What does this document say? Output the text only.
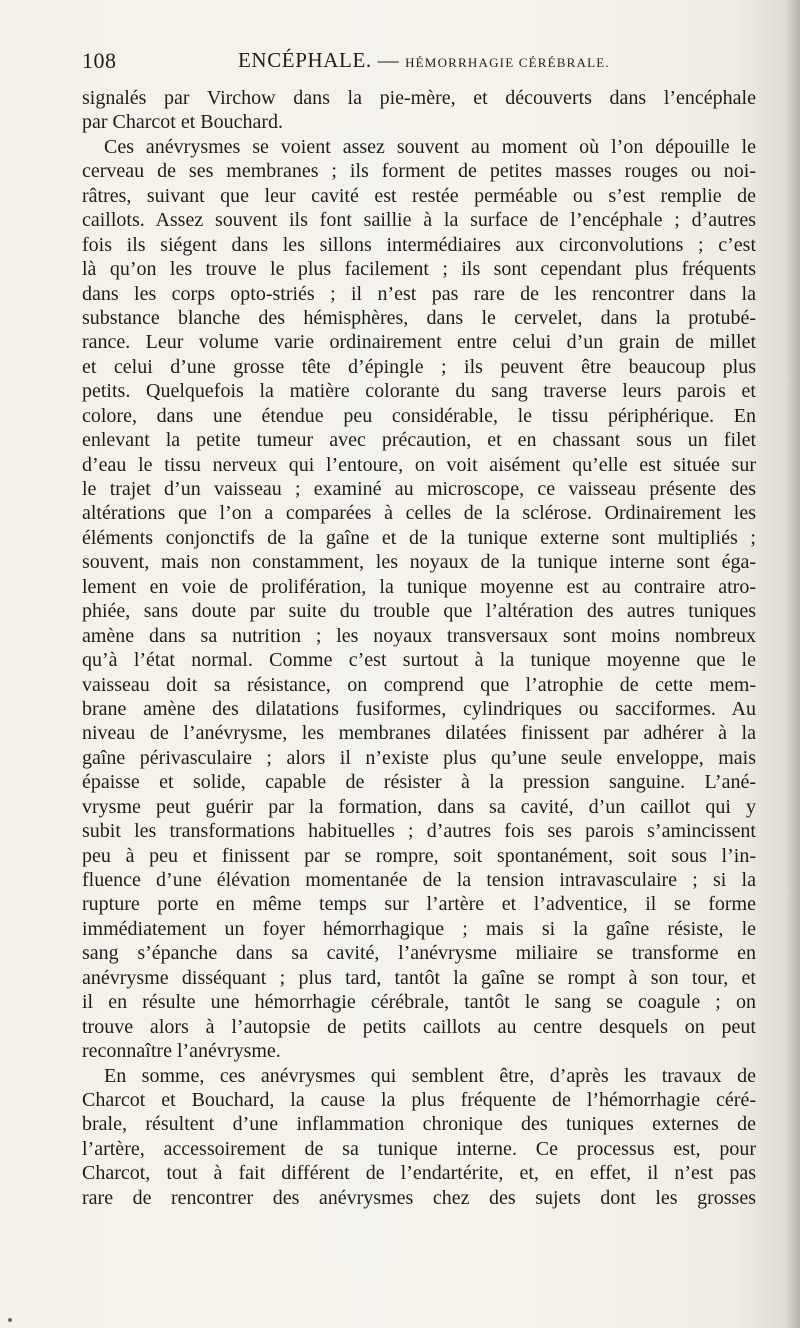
108	ENCÉPHALE. — HÉMORRHAGIE CÉRÉBRALE.
signalés par Virchow dans la pie-mère, et découverts dans l’encéphale
par Charcot et Bouchard.
Ces anévrysmes se voient assez souvent au moment où l’on dépouille le
cerveau de ses membranes ; ils forment de petites masses rouges ou noi-
râtres, suivant que leur cavité est restée perméable ou s’est remplie de
caillots. Assez souvent ils font saillie à la surface de l’encéphale ; d’autres
fois ils siégent dans les sillons intermédiaires aux circonvolutions ; c’est
là qu’on les trouve le plus facilement ; ils sont cependant plus fréquents
dans les corps opto-striés ; il n’est pas rare de les rencontrer dans la
substance blanche des hémisphères, dans le cervelet, dans la protubé-
rance. Leur volume varie ordinairement entre celui d’un grain de millet
et celui d’une grosse tête d’épingle ; ils peuvent être beaucoup plus
petits. Quelquefois la matière colorante du sang traverse leurs parois et
colore, dans une étendue peu considérable, le tissu périphérique. En
enlevant la petite tumeur avec précaution, et en chassant sous un filet
d’eau le tissu nerveux qui l’entoure, on voit aisément qu’elle est située sur
le trajet d’un vaisseau ; examiné au microscope, ce vaisseau présente des
altérations que l’on a comparées à celles de la sclérose. Ordinairement les
éléments conjonctifs de la gaîne et de la tunique externe sont multipliés ;
souvent, mais non constamment, les noyaux de la tunique interne sont éga-
lement en voie de prolifération, la tunique moyenne est au contraire atro-
phiée, sans doute par suite du trouble que l’altération des autres tuniques
amène dans sa nutrition ; les noyaux transversaux sont moins nombreux
qu’à l’état normal. Comme c’est surtout à la tunique moyenne que le
vaisseau doit sa résistance, on comprend que l’atrophie de cette mem-
brane amène des dilatations fusiformes, cylindriques ou sacciformes. Au
niveau de l’anévrysme, les membranes dilatées finissent par adhérer à la
gaîne périvasculaire ; alors il n’existe plus qu’une seule enveloppe, mais
épaisse et solide, capable de résister à la pression sanguine. L’ané-
vrysme peut guérir par la formation, dans sa cavité, d’un caillot qui y
subit les transformations habituelles ; d’autres fois ses parois s’amincissent
peu à peu et finissent par se rompre, soit spontanément, soit sous l’in-
fluence d’une élévation momentanée de la tension intravasculaire ; si la
rupture porte en même temps sur l’artère et l’adventice, il se forme
immédiatement un foyer hémorrhagique ; mais si la gaîne résiste, le
sang s’épanche dans sa cavité, l’anévrysme miliaire se transforme en
anévrysme disséquant ; plus tard, tantôt la gaîne se rompt à son tour, et
il en résulte une hémorrhagie cérébrale, tantôt le sang se coagule ; on
trouve alors à l’autopsie de petits caillots au centre desquels on peut
reconnaître l’anévrysme.
En somme, ces anévrysmes qui semblent être, d’après les travaux de
Charcot et Bouchard, la cause la plus fréquente de l’hémorrhagie céré-
brale, résultent d’une inflammation chronique des tuniques externes de
l’artère, accessoirement de sa tunique interne. Ce processus est, pour
Charcot, tout à fait différent de l’endartérite, et, en effet, il n’est pas
rare de rencontrer des anévrysmes chez des sujets dont les grosses
